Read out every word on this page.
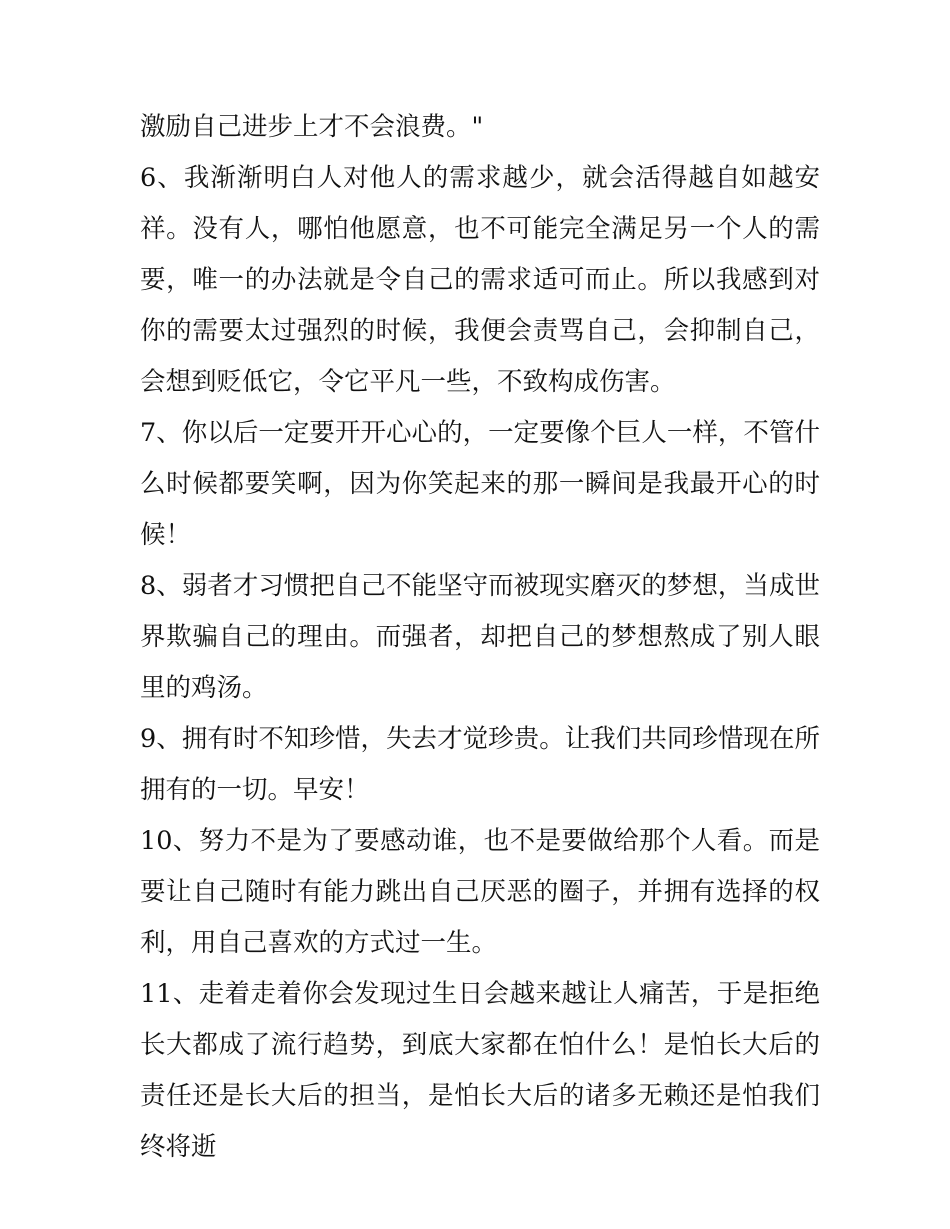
激励自己进步上才不会浪费。"

6、我渐渐明白人对他人的需求越少，就会活得越自如越安祥。没有人，哪怕他愿意，也不可能完全满足另一个人的需要，唯一的办法就是令自己的需求适可而止。所以我感到对你的需要太过强烈的时候，我便会责骂自己，会抑制自己，会想到贬低它，令它平凡一些，不致构成伤害。

7、你以后一定要开开心心的，一定要像个巨人一样，不管什么时候都要笑啊，因为你笑起来的那一瞬间是我最开心的时候！

8、弱者才习惯把自己不能坚守而被现实磨灭的梦想，当成世界欺骗自己的理由。而强者，却把自己的梦想熬成了别人眼里的鸡汤。

9、拥有时不知珍惜，失去才觉珍贵。让我们共同珍惜现在所拥有的一切。早安！

10、努力不是为了要感动谁，也不是要做给那个人看。而是要让自己随时有能力跳出自己厌恶的圈子，并拥有选择的权利，用自己喜欢的方式过一生。

11、走着走着你会发现过生日会越来越让人痛苦，于是拒绝长大都成了流行趋势，到底大家都在怕什么！是怕长大后的责任还是长大后的担当，是怕长大后的诸多无赖还是怕我们终将逝
